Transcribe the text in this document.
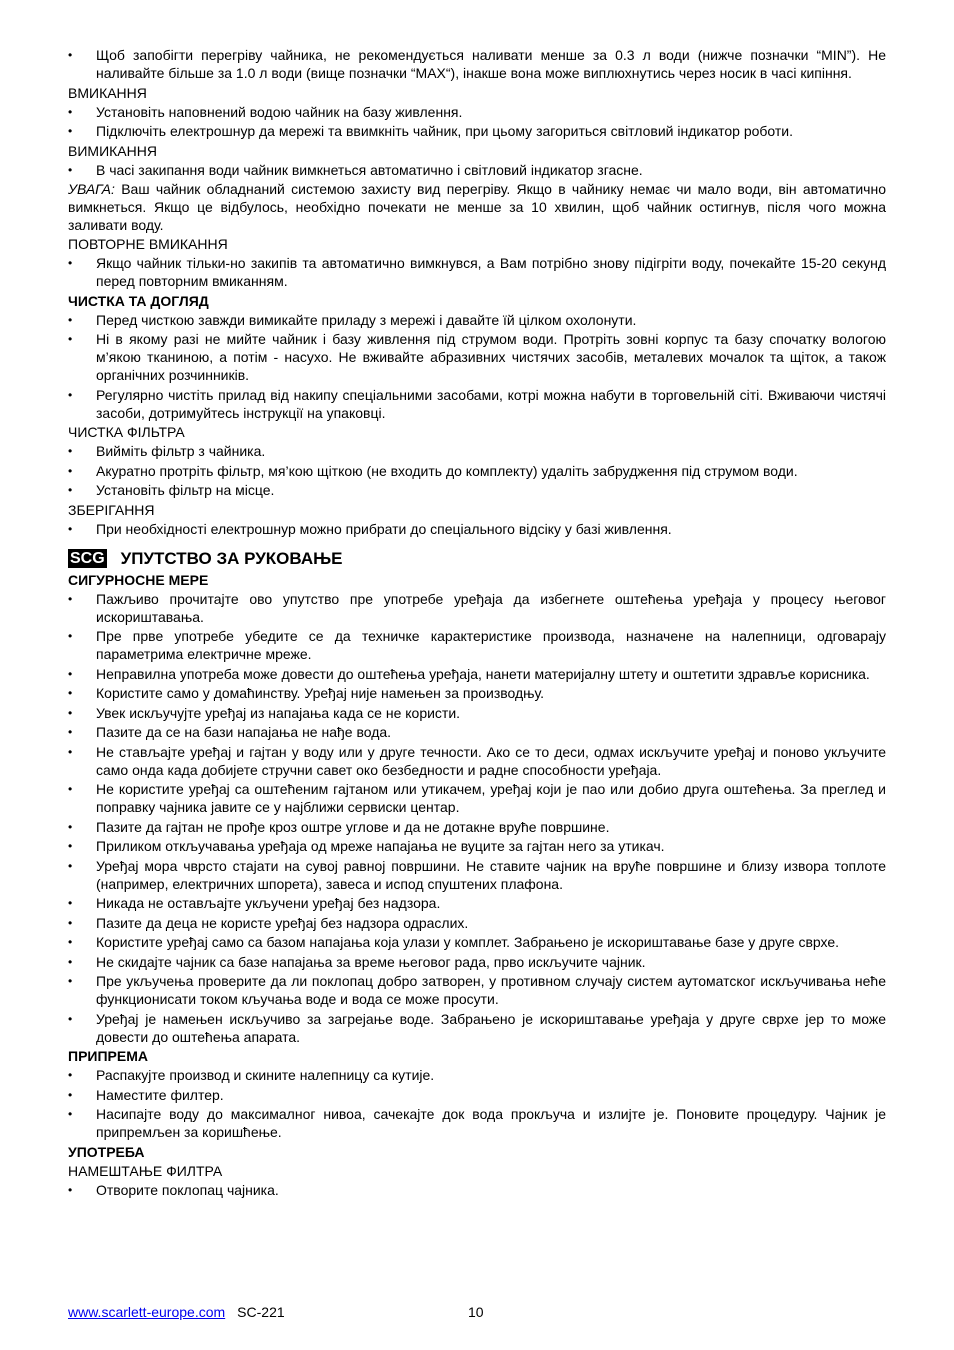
•	Щоб запобігти перегріву чайника, не рекомендується наливати менше за 0.3 л води (нижче позначки “MIN”). Не наливайте більше за 1.0 л води (вище позначки “MAX“), інакше вона може виплюхнутись через носик в часі кипіння.
ВМИКАННЯ
•	Установіть наповнений водою чайник на базу живлення.
•	Підключіть електрошнур да мережі та ввимкніть чайник, при цьому загориться світловий індикатор роботи.
ВИМИКАННЯ
•	В часі закипання води чайник вимкнеться автоматично і світловий індикатор згасне.
УВАГА: Ваш чайник обладнаний системою захисту вид перегріву. Якщо в чайнику немає чи мало води, він автоматично вимкнеться. Якщо це відбулось, необхідно почекати не менше за 10 хвилин, щоб чайник остигнув, після чого можна заливати воду.
ПОВТОРНЕ ВМИКАННЯ
•	Якщо чайник тільки-но закипів та автоматично вимкнувся, а Вам потрібно знову підігріти воду, почекайте 15-20 секунд перед повторним вмиканням.
ЧИСТКА ТА ДОГЛЯД
•	Перед чисткою завжди вимикайте приладу з мережі і давайте їй цілком охолонути.
•	Ні в якому разі не мийте чайник і базу живлення під струмом води. Протріть зовні корпус та базу спочатку вологою м’якою тканиною, а потім - насухо. Не вживайте абразивних чистячих засобів, металевих мочалок та щіток, а також органічних розчинників.
•	Регулярно чистіть прилад від накипу спеціальними засобами, котрі можна набути в торговельній сіті. Вживаючи чистячі засоби, дотримуйтесь інструкції на упаковці.
ЧИСТКА ФІЛЬТРА
•	Вийміть фільтр з чайника.
•	Акуратно протріть фільтр, мя’кою щіткою (не входить до комплекту) удаліть забрудження під струмом води.
•	Установіть фільтр на місце.
ЗБЕРІГАННЯ
•	При необхідності електрошнур можно прибрати до спеціального відсіку у базі живлення.
SCG УПУТСТВО ЗА РУКОВАЊЕ
СИГУРНОСНЕ МЕРЕ
•	Пажљиво прочитајте ово упутство пре употребе уређаја да избегнете оштећења уређаја у процесу његовог искориштавања.
•	Пре прве употребе убедите се да техничке карактеристике производа, назначене на налепници, одговарају параметрима електричне мреже.
•	Неправилна употреба може довести до оштећења уређаја, нанети материјалну штету и оштетити здравље корисника.
•	Користите само у домаћинству. Уређај није намењен за производњу.
•	Увек искључујте уређај из напајања када се не користи.
•	Пазите да се на бази напајања не нађе вода.
•	Не стављајте уређај и гајтан у воду или у друге течности. Ако се то деси, одмах искључите уређај и поново укључите само онда када добијете стручни савет око безбедности и радне способности уређаја.
•	Не користите уређај са оштећеним гајтаном или утикачем, уређај који је пао или добио друга оштећења. За преглед и поправку чајника јавите се у најближи сервиски центар.
•	Пазите да гајтан не прође кроз оштре углове и да не дотакне вруће површине.
•	Приликом откључавања уређаја од мреже напајања не вуците за гајтан него за утикач.
•	Уређај мора чврсто стајати на сувој равној површини. Не ставите чајник на вруће површине и близу извора топлоте (например, електричних шпорета), завеса и испод спуштених плафона.
•	Никада не остављајте укључени уређај без надзора.
•	Пазите да деца не користе уређај без надзора одраслих.
•	Користите уређај само са базом напајања која улази у комплет. Забрањено је искориштавање базе у друге сврхе.
•	Не скидајте чајник са базе напајања за време његовог рада, прво искључите чајник.
•	Пре укључења проверите да ли поклопац добро затворен, у противном случају систем аутоматског искључивања неће функционисати током кључања воде и вода се може просути.
•	Уређај је намењен искључиво за загрејање воде. Забрањено је искориштавање уређаја у друге сврхе јер то може довести до оштећења апарата.
ПРИПРЕМА
•	Распакујте производ и скините налепницу са кутије.
•	Наместите филтер.
•	Насипајте воду до максималног нивоа, сачекајте док вода прокључа и излијте је. Поновите процедуру. Чајник је припремљен за коришћење.
УПОТРЕБА
НАМЕШТАЊЕ ФИЛТРА
•	Отворите поклопац чајника.
www.scarlett-europe.com SC-221	10
